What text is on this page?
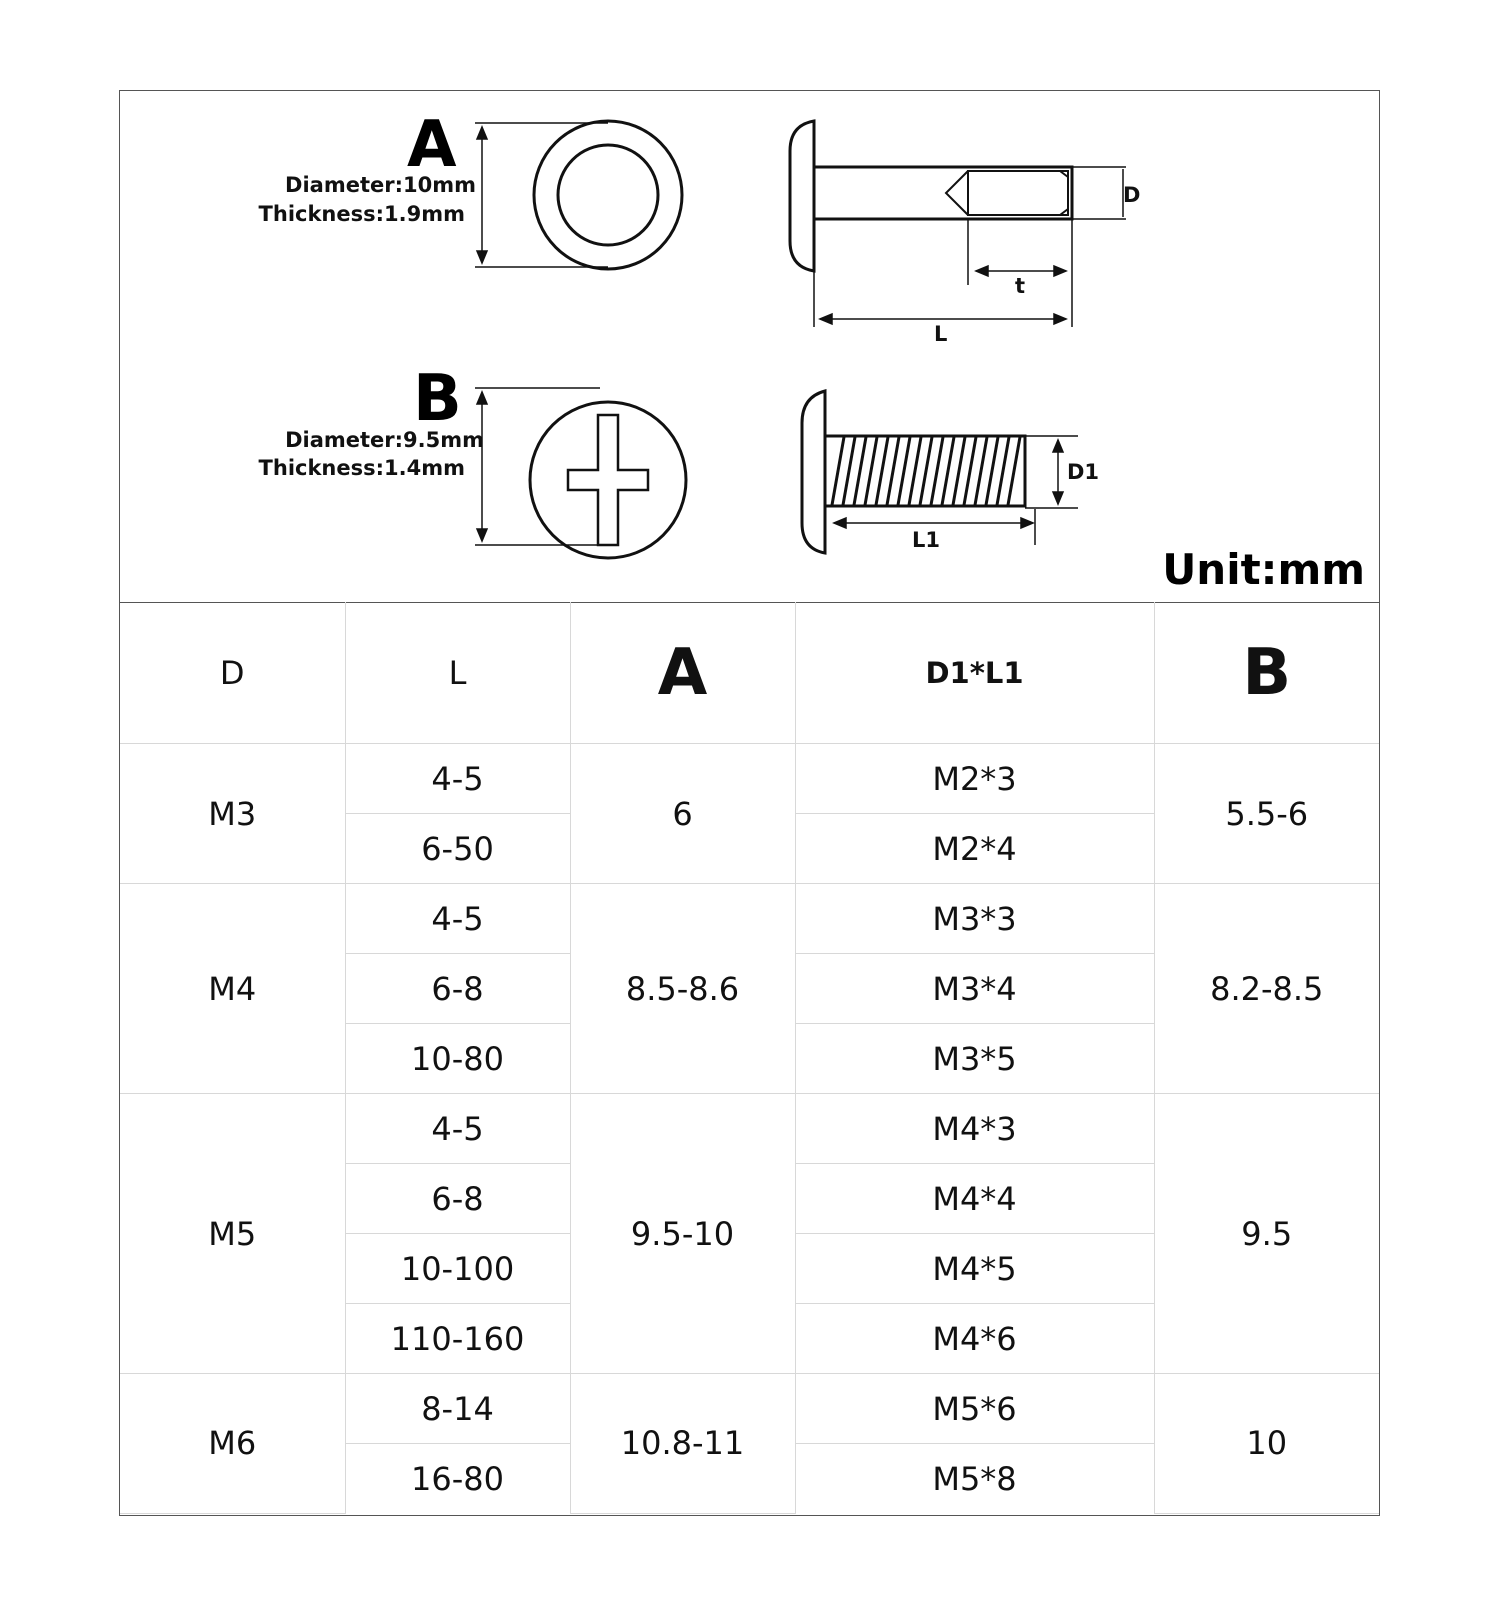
A
B
Diameter:10mm
Thickness:1.9mm
Diameter:9.5mm
Thickness:1.4mm
D
t
L
D1
L1
Unit:mm
D	L	A	D1*L1	B
M3	4-5	6	M2*3	5.5-6
	6-50		M2*4	
M4	4-5	8.5-8.6	M3*3	8.2-8.5
	6-8		M3*4	
	10-80		M3*5	
M5	4-5	9.5-10	M4*3	9.5
	6-8		M4*4	
	10-100		M4*5	
	110-160		M4*6	
M6	8-14	10.8-11	M5*6	10
	16-80		M5*8	
